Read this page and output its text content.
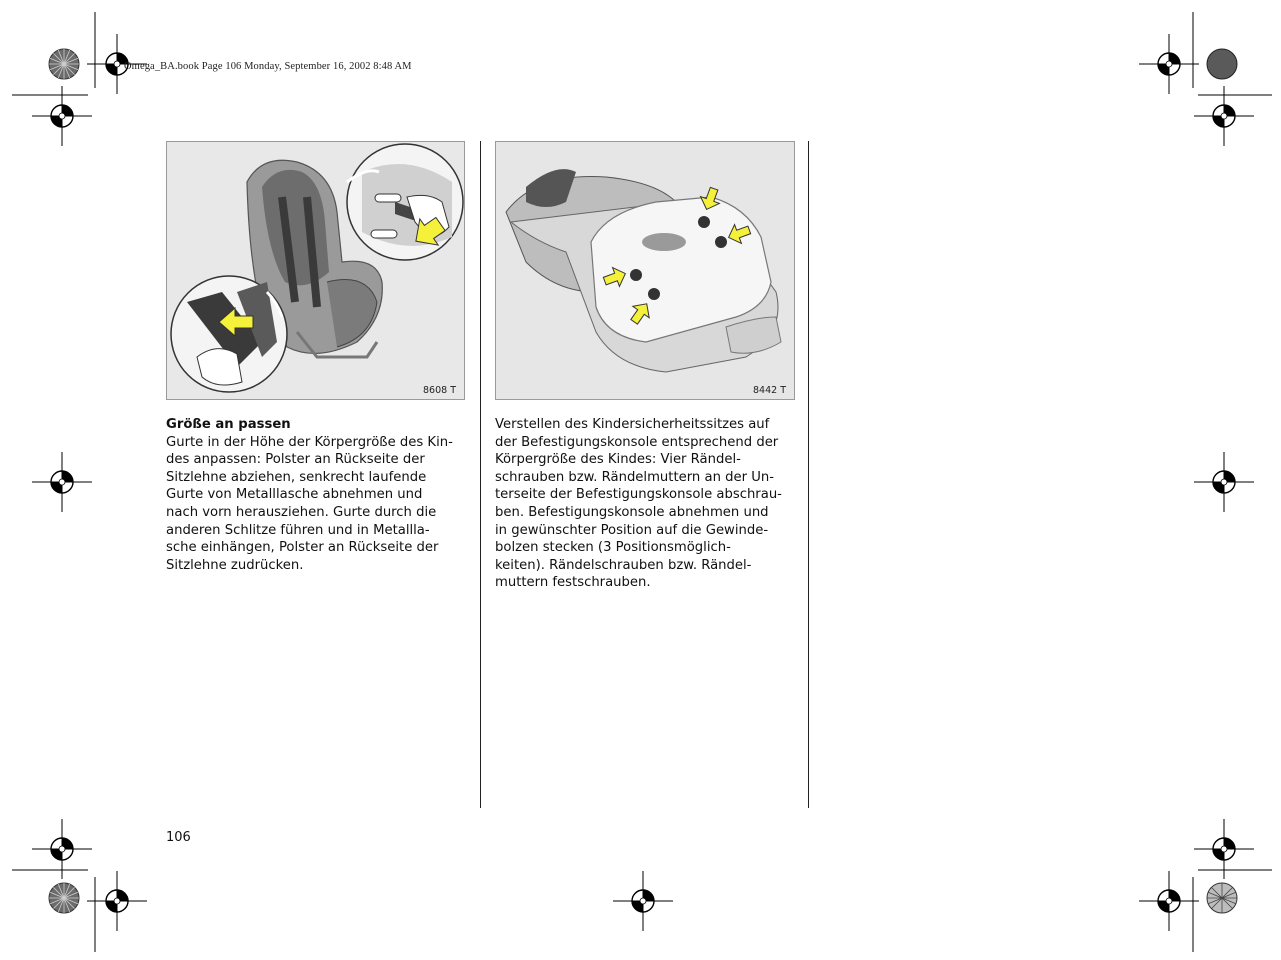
Omega_BA.book Page 106 Monday, September 16, 2002 8:48 AM
8608 T	8442 T
Größe an passen
Gurte in der Höhe der Körpergröße des Kin-
des anpassen: Polster an Rückseite der
Sitzlehne abziehen, senkrecht laufende
Gurte von Metalllasche abnehmen und
nach vorn herausziehen. Gurte durch die
anderen Schlitze führen und in Metallla-
sche einhängen, Polster an Rückseite der
Sitzlehne zudrücken.
Verstellen des Kindersicherheitssitzes auf
der Befestigungskonsole entsprechend der
Körpergröße des Kindes: Vier Rändel-
schrauben bzw. Rändelmuttern an der Un-
terseite der Befestigungskonsole abschrau-
ben. Befestigungskonsole abnehmen und
in gewünschter Position auf die Gewinde-
bolzen stecken (3 Positionsmöglich-
keiten). Rändelschrauben bzw. Rändel-
muttern festschrauben.
106
